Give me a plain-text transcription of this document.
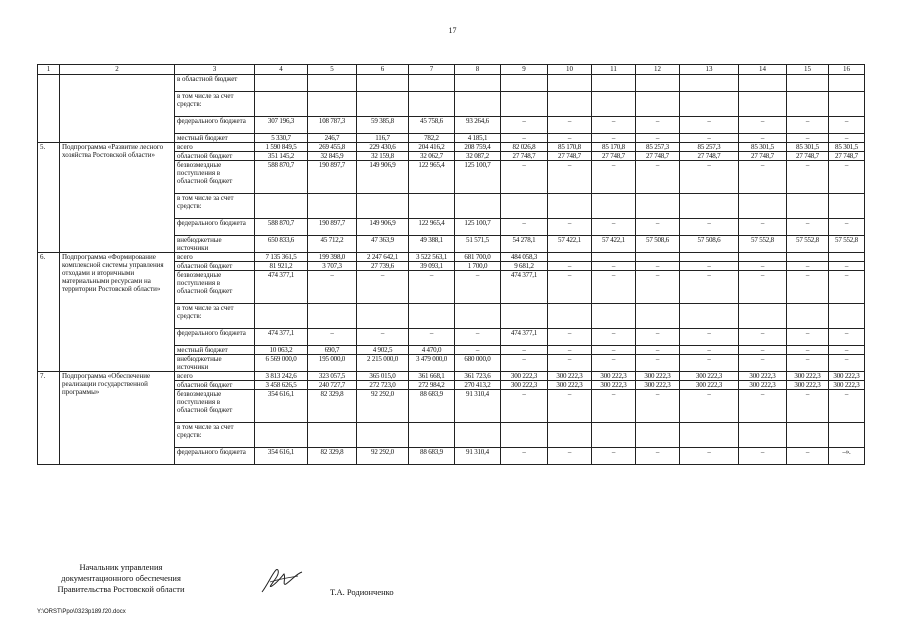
17
1	2	3	4	5	6	7	8	9	10	11	12	13	14	15	16
		в областной бюджет													
		в том числе за счет средств:													
		федерального бюджета	307 196,3	108 787,3	59 385,8	45 758,6	93 264,6	–	–	–	–	–	–	–	–
		местный бюджет	5 330,7	246,7	116,7	782,2	4 185,1	–	–	–	–	–	–	–	–
5.	Подпрограмма «Развитие лесного хозяйства Ростовской области»	всего	1 590 849,5	269 455,8	229 430,6	204 416,2	208 759,4	82 026,8	85 170,8	85 170,8	85 257,3	85 257,3	85 301,5	85 301,5	85 301,5
		областной бюджет	351 145,2	32 845,9	32 159,8	32 062,7	32 087,2	27 748,7	27 748,7	27 748,7	27 748,7	27 748,7	27 748,7	27 748,7	27 748,7
		безвозмездные поступления в областной бюджет	588 870,7	190 897,7	149 906,9	122 965,4	125 100,7	–	–	–	–	–	–	–	–
		в том числе за счет средств:													
		федерального бюджета	588 870,7	190 897,7	149 906,9	122 965,4	125 100,7	–	–	–	–	–	–	–	–
		внебюджетные источники	650 833,6	45 712,2	47 363,9	49 388,1	51 571,5	54 278,1	57 422,1	57 422,1	57 508,6	57 508,6	57 552,8	57 552,8	57 552,8
6.	Подпрограмма «Формирование комплексной системы управления отходами и вторичными материальными ресурсами на территории Ростовской области»	всего	7 135 361,5	199 398,0	2 247 642,1	3 522 563,1	681 700,0	484 058,3							
		областной бюджет	81 921,2	3 707,3	27 739,6	39 093,1	1 700,0	9 681,2	–	–	–	–	–	–	–
		безвозмездные поступления в областной бюджет	474 377,1	–	–	–	–	474 377,1	–	–	–	–	–	–	–
		в том числе за счет средств:													
		федерального бюджета	474 377,1	–	–	–	–	474 377,1	–	–	–	–	–	–	–
		местный бюджет	10 063,2	690,7	4 902,5	4 470,0	–	–	–	–	–	–	–	–	–
		внебюджетные источники	6 569 000,0	195 000,0	2 215 000,0	3 479 000,0	680 000,0	–	–	–	–	–	–	–	–
7.	Подпрограмма «Обеспечение реализации государственной программы»	всего	3 813 242,6	323 057,5	365 015,0	361 668,1	361 723,6	300 222,3	300 222,3	300 222,3	300 222,3	300 222,3	300 222,3	300 222,3	300 222,3
		областной бюджет	3 458 626,5	240 727,7	272 723,0	272 984,2	270 413,2	300 222,3	300 222,3	300 222,3	300 222,3	300 222,3	300 222,3	300 222,3	300 222,3
		безвозмездные поступления в областной бюджет	354 616,1	82 329,8	92 292,0	88 683,9	91 310,4	–	–	–	–	–	–	–	–
		в том числе за счет средств:													
		федерального бюджета	354 616,1	82 329,8	92 292,0	88 683,9	91 310,4	–	–	–	–	–	–	–	–».
Начальник управления
документационного обеспечения
Правительства Ростовской области	Т.А. Родионченко
Y:\ORST\Ppo\0323p189.f20.docx
